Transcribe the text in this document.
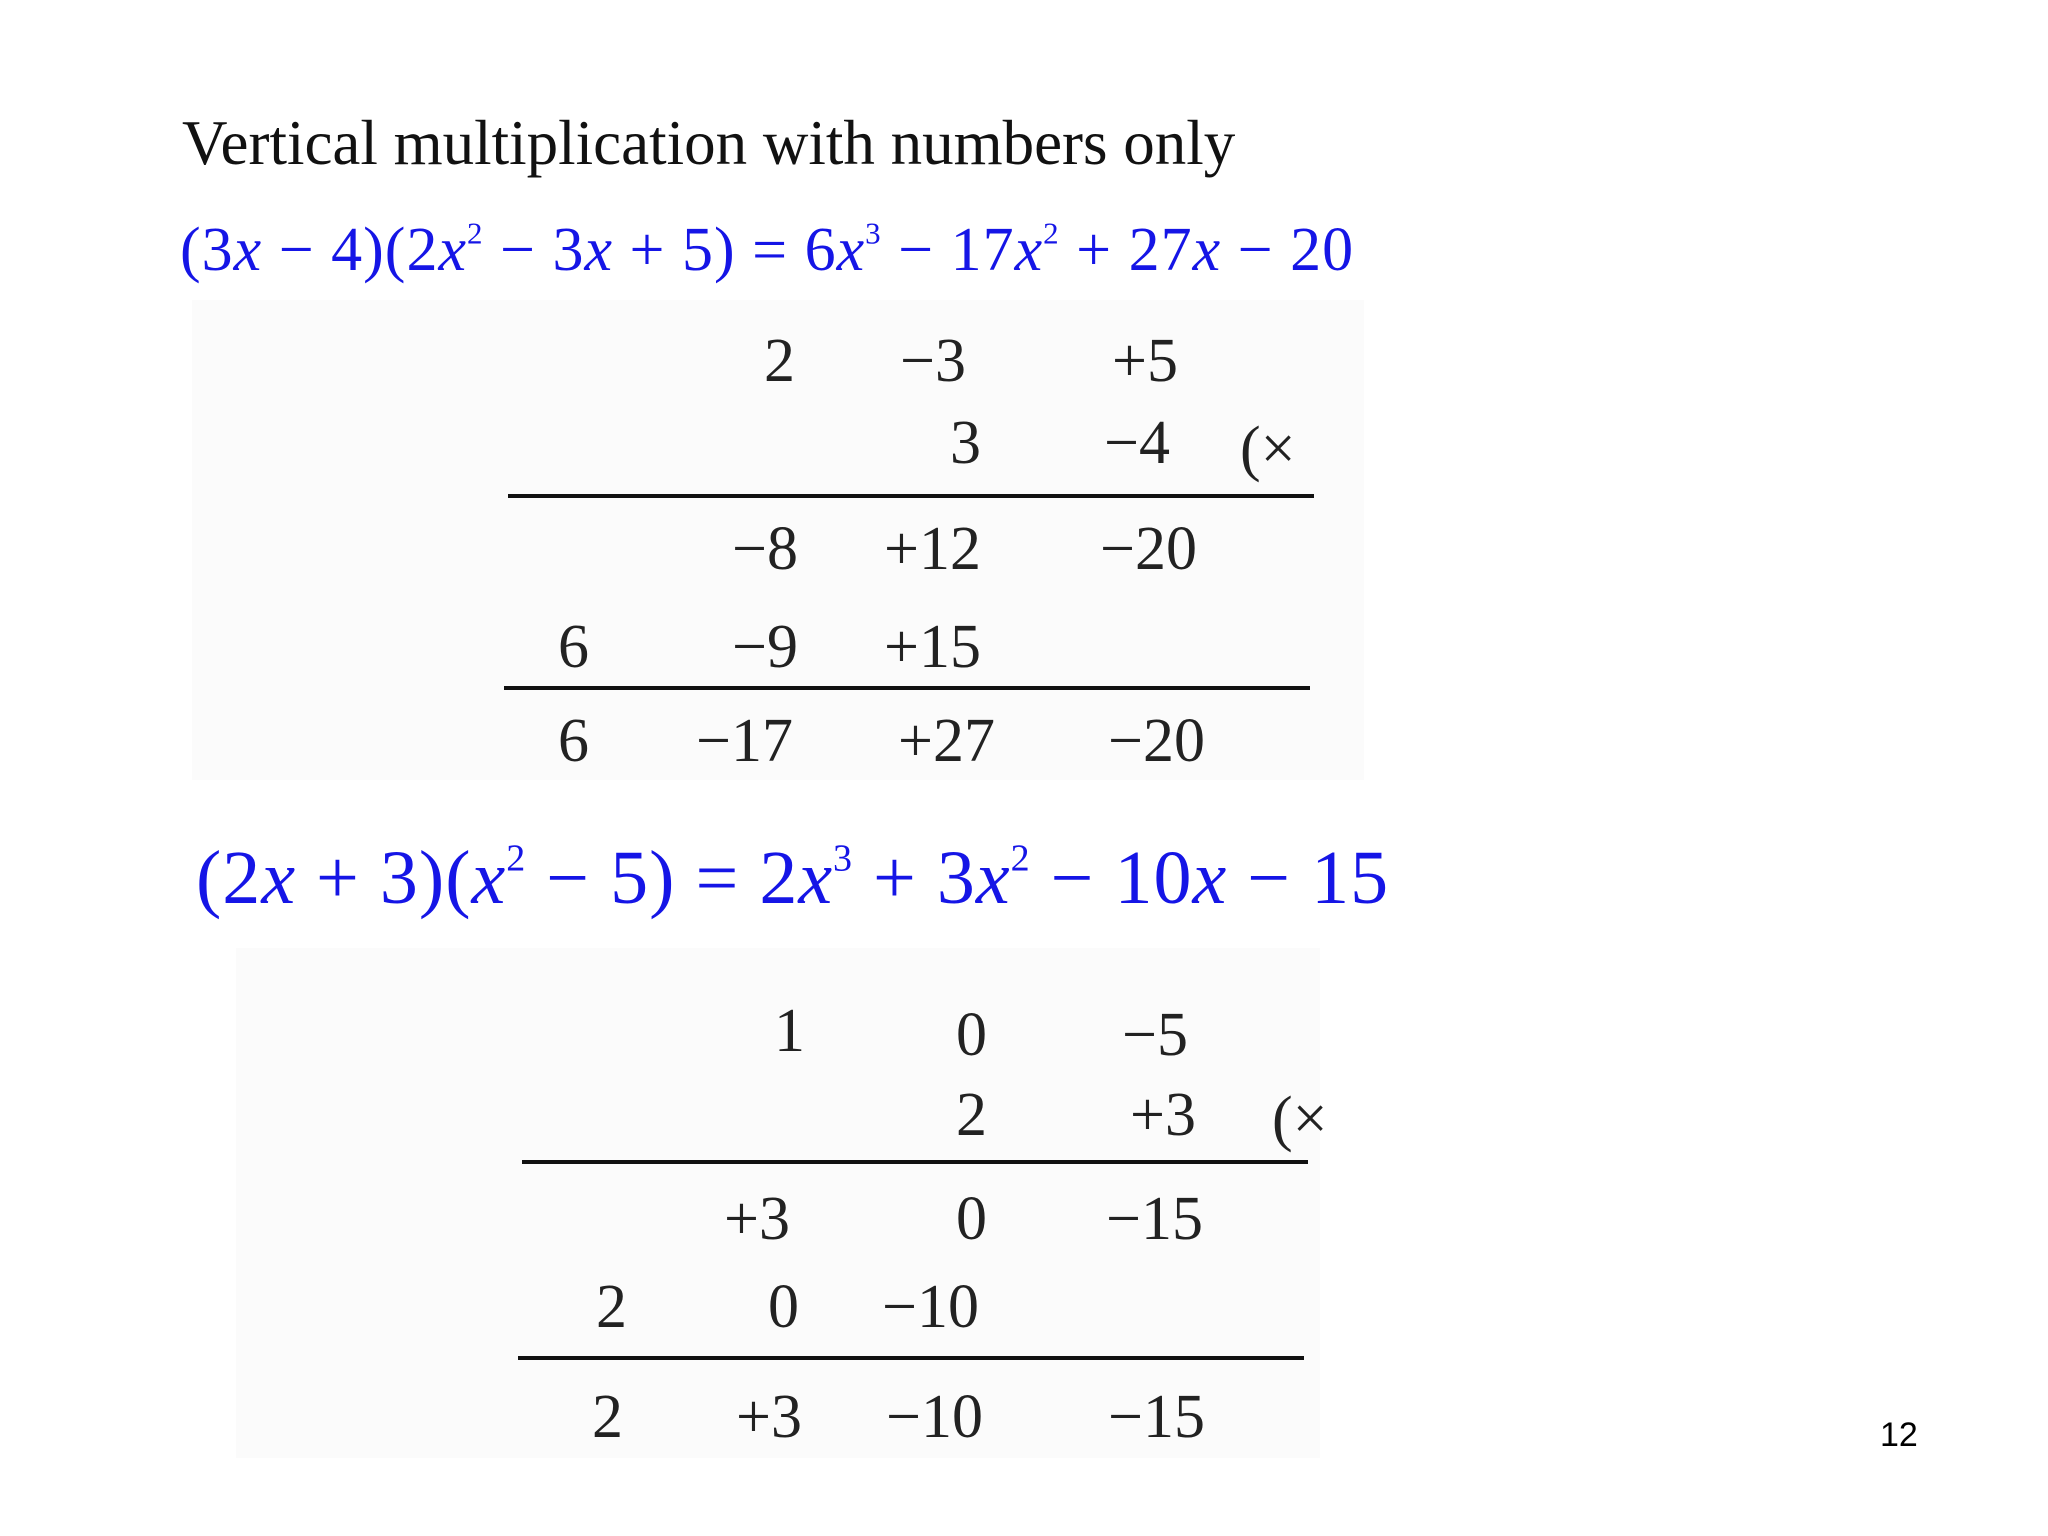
Vertical multiplication with numbers only
$(3x - 4)(2x^2 - 3x + 5) = 6x^3 - 17x^2 + 27x - 20$
2 −3 +5
3 −4 (×
−8 +12 −20
6 −9 +15
6 −17 +27 −20
$(2x + 3)(x^2 - 5) = 2x^3 + 3x^2 - 10x - 15$
1 0 −5
2 +3 (×
+3	0 −15
2 0 −10
2 +3 −10 −15	12
